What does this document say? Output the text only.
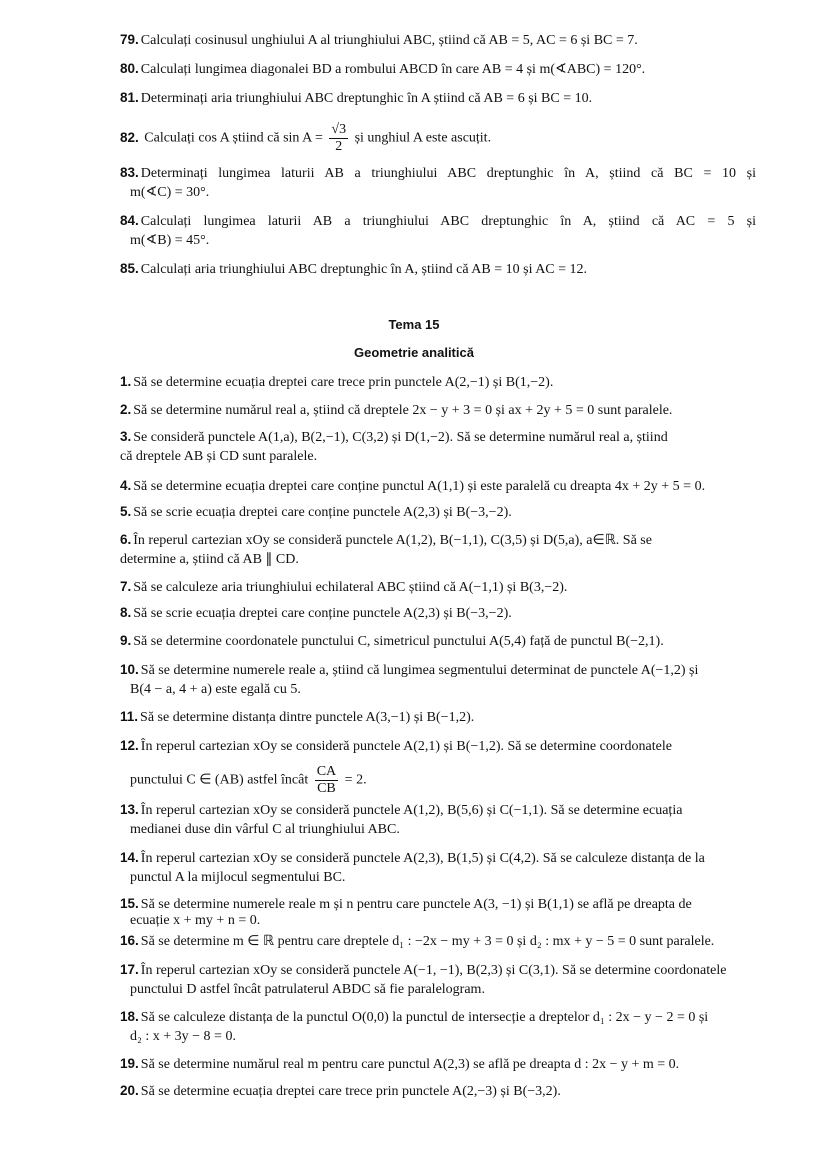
82. Calculați cos A știind că $\sin A = \frac{√3}{2}$ și unghiul A este ascuțit.
Tema 15
Geometrie analitică
12. În reperul cartezian xOy se consideră punctele A(2,1) și B(−1,2). Să se determine coordonatele
punctului C ∈ (AB) astfel încât $\frac{CA}{CB} = 2$.
79. Calculați cosinusul unghiului A al triunghiului ABC, știind că AB = 5, AC = 6 și BC = 7.
80. Calculați lungimea diagonalei BD a rombului ABCD în care AB = 4 și m(∢ABC) = 120°.
81. Determinați aria triunghiului ABC dreptunghic în A știind că AB = 6 și BC = 10.
83. Determinați lungimea laturii AB a triunghiului ABC dreptunghic în A, știind că BC = 10 și
m(∢C) = 30°.
84. Calculați lungimea laturii AB a triunghiului ABC dreptunghic în A, știind că AC = 5 și
m(∢B) = 45°.
85. Calculați aria triunghiului ABC dreptunghic în A, știind că AB = 10 și AC = 12.
1. Să se determine ecuația dreptei care trece prin punctele A(2,−1) și B(1,−2).
2. Să se determine numărul real a, știind că dreptele 2x − y + 3 = 0 și ax + 2y + 5 = 0 sunt paralele.
3. Se consideră punctele A(1,a), B(2,−1), C(3,2) și D(1,−2). Să se determine numărul real a, știind
că dreptele AB și CD sunt paralele.
4. Să se determine ecuația dreptei care conține punctul A(1,1) și este paralelă cu dreapta 4x + 2y + 5 = 0.
5. Să se scrie ecuația dreptei care conține punctele A(2,3) și B(−3,−2).
6. În reperul cartezian xOy se consideră punctele A(1,2), B(−1,1), C(3,5) și D(5,a), a∈ℝ. Să se
determine a, știind că AB ∥ CD.
7. Să se calculeze aria triunghiului echilateral ABC știind că A(−1,1) și B(3,−2).
8. Să se scrie ecuația dreptei care conține punctele A(2,3) și B(−3,−2).
9. Să se determine coordonatele punctului C, simetricul punctului A(5,4) față de punctul B(−2,1).
10. Să se determine numerele reale a, știind că lungimea segmentului determinat de punctele A(−1,2) și
B(4 − a, 4 + a) este egală cu 5.
11. Să se determine distanța dintre punctele A(3,−1) și B(−1,2).
13. În reperul cartezian xOy se consideră punctele A(1,2), B(5,6) și C(−1,1). Să se determine ecuația
medianei duse din vârful C al triunghiului ABC.
14. În reperul cartezian xOy se consideră punctele A(2,3), B(1,5) și C(4,2). Să se calculeze distanța de la
punctul A la mijlocul segmentului BC.
15. Să se determine numerele reale m și n pentru care punctele A(3, −1) și B(1,1) se află pe dreapta de
ecuație x + my + n = 0.
16. Să se determine m ∈ ℝ pentru care dreptele d₁ : −2x − my + 3 = 0 și d₂ : mx + y − 5 = 0 sunt paralele.
17. În reperul cartezian xOy se consideră punctele A(−1, −1), B(2,3) și C(3,1). Să se determine coordonatele
punctului D astfel încât patrulaterul ABDC să fie paralelogram.
18. Să se calculeze distanța de la punctul O(0,0) la punctul de intersecție a dreptelor d₁ : 2x − y − 2 = 0 și
d₂ : x + 3y − 8 = 0.
19. Să se determine numărul real m pentru care punctul A(2,3) se află pe dreapta d : 2x − y + m = 0.
20. Să se determine ecuația dreptei care trece prin punctele A(2,−3) și B(−3,2).
